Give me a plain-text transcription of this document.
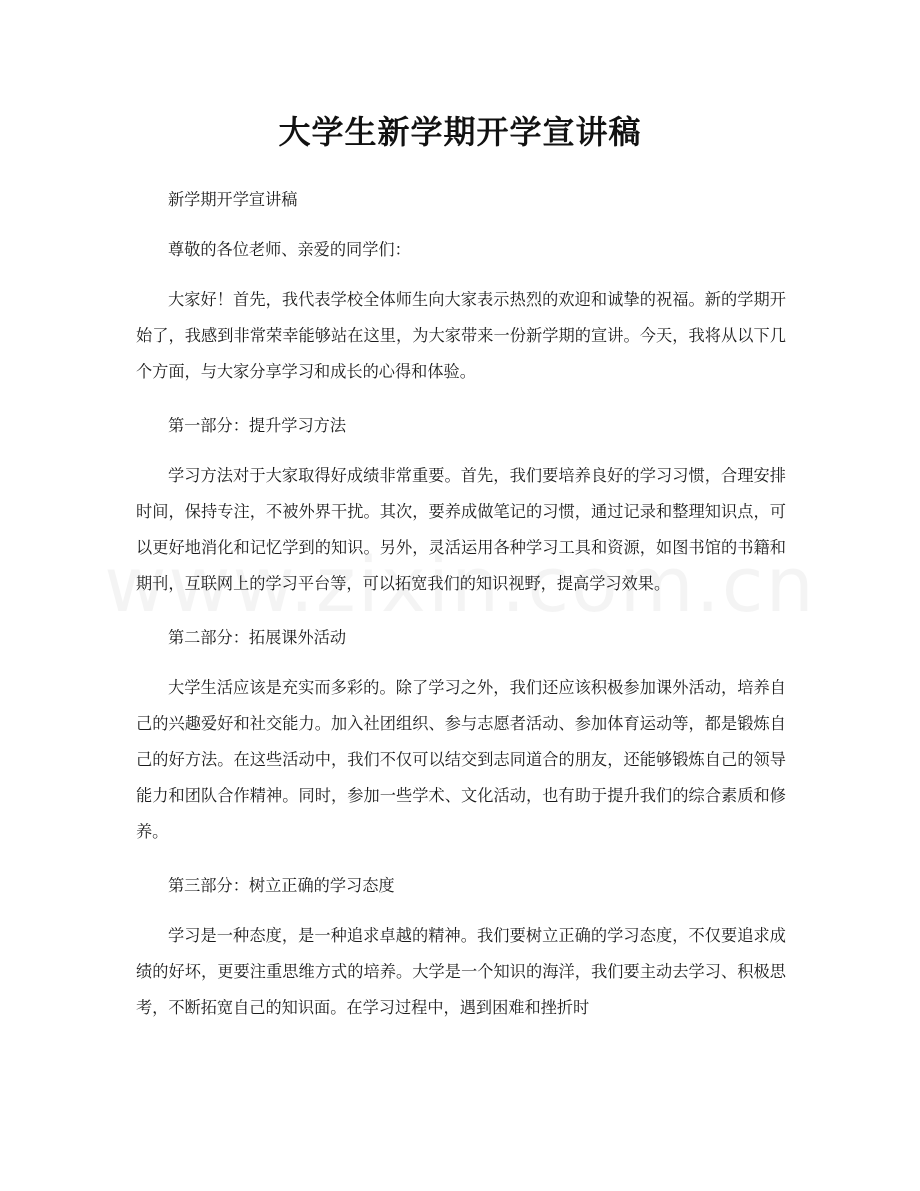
大学生新学期开学宣讲稿

新学期开学宣讲稿

尊敬的各位老师、亲爱的同学们：

大家好！首先，我代表学校全体师生向大家表示热烈的欢迎和诚挚的祝福。新的学期开始了，我感到非常荣幸能够站在这里，为大家带来一份新学期的宣讲。今天，我将从以下几个方面，与大家分享学习和成长的心得和体验。

第一部分：提升学习方法

学习方法对于大家取得好成绩非常重要。首先，我们要培养良好的学习习惯，合理安排时间，保持专注，不被外界干扰。其次，要养成做笔记的习惯，通过记录和整理知识点，可以更好地消化和记忆学到的知识。另外，灵活运用各种学习工具和资源，如图书馆的书籍和期刊，互联网上的学习平台等，可以拓宽我们的知识视野，提高学习效果。

第二部分：拓展课外活动

大学生活应该是充实而多彩的。除了学习之外，我们还应该积极参加课外活动，培养自己的兴趣爱好和社交能力。加入社团组织、参与志愿者活动、参加体育运动等，都是锻炼自己的好方法。在这些活动中，我们不仅可以结交到志同道合的朋友，还能够锻炼自己的领导能力和团队合作精神。同时，参加一些学术、文化活动，也有助于提升我们的综合素质和修养。

第三部分：树立正确的学习态度

学习是一种态度，是一种追求卓越的精神。我们要树立正确的学习态度，不仅要追求成绩的好坏，更要注重思维方式的培养。大学是一个知识的海洋，我们要主动去学习、积极思考，不断拓宽自己的知识面。在学习过程中，遇到困难和挫折时
